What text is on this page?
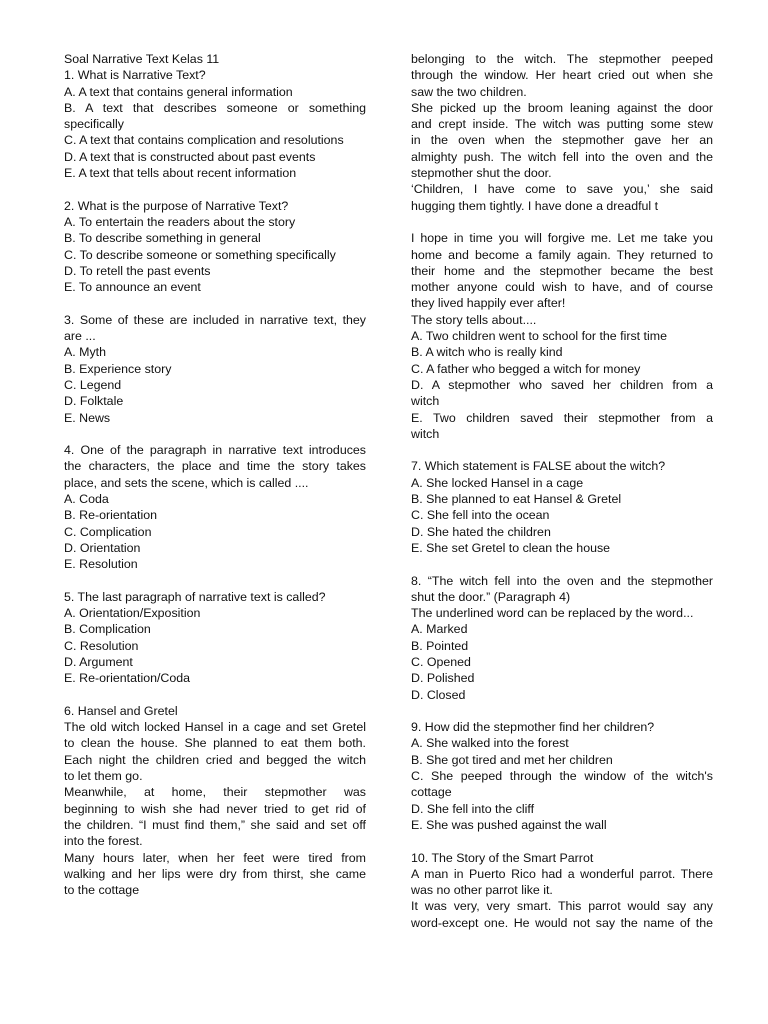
Soal Narrative Text Kelas 11
1. What is Narrative Text?
A. A text that contains general information
B. A text that describes someone or something
specifically
C. A text that contains complication and resolutions
D. A text that is constructed about past events
E. A text that tells about recent information
2. What is the purpose of Narrative Text?
A. To entertain the readers about the story
B. To describe something in general
C. To describe someone or something specifically
D. To retell the past events
E. To announce an event
3. Some of these are included in narrative text, they
are ...
A. Myth
B. Experience story
C. Legend
D. Folktale
E. News
4. One of the paragraph in narrative text introduces
the characters, the place and time the story takes
place, and sets the scene, which is called ....
A. Coda
B. Re-orientation
C. Complication
D. Orientation
E. Resolution
5. The last paragraph of narrative text is called?
A. Orientation/Exposition
B. Complication
C. Resolution
D. Argument
E. Re-orientation/Coda
6. Hansel and Gretel
The old witch locked Hansel in a cage and set Gretel
to clean the house. She planned to eat them both.
Each night the children cried and begged the witch
to let them go.
Meanwhile, at home, their stepmother was
beginning to wish she had never tried to get rid of
the children. “I must find them,” she said and set off
into the forest.
Many hours later, when her feet were tired from
walking and her lips were dry from thirst, she came
to the cottage
belonging to the witch. The stepmother peeped
through the window. Her heart cried out when she
saw the two children.
She picked up the broom leaning against the door
and crept inside. The witch was putting some stew
in the oven when the stepmother gave her an
almighty push. The witch fell into the oven and the
stepmother shut the door.
‘Children, I have come to save you,’ she said
hugging them tightly. I have done a dreadful t
I hope in time you will forgive me. Let me take you
home and become a family again. They returned to
their home and the stepmother became the best
mother anyone could wish to have, and of course
they lived happily ever after!
The story tells about....
A. Two children went to school for the first time
B. A witch who is really kind
C. A father who begged a witch for money
D. A stepmother who saved her children from a
witch
E. Two children saved their stepmother from a
witch
7. Which statement is FALSE about the witch?
A. She locked Hansel in a cage
B. She planned to eat Hansel & Gretel
C. She fell into the ocean
D. She hated the children
E. She set Gretel to clean the house
8. “The witch fell into the oven and the stepmother
shut the door.” (Paragraph 4)
The underlined word can be replaced by the word...
A. Marked
B. Pointed
C. Opened
D. Polished
D. Closed
9. How did the stepmother find her children?
A. She walked into the forest
B. She got tired and met her children
C. She peeped through the window of the witch's
cottage
D. She fell into the cliff
E. She was pushed against the wall
10. The Story of the Smart Parrot
A man in Puerto Rico had a wonderful parrot. There
was no other parrot like it.
It was very, very smart. This parrot would say any
word-except one. He would not say the name of the
